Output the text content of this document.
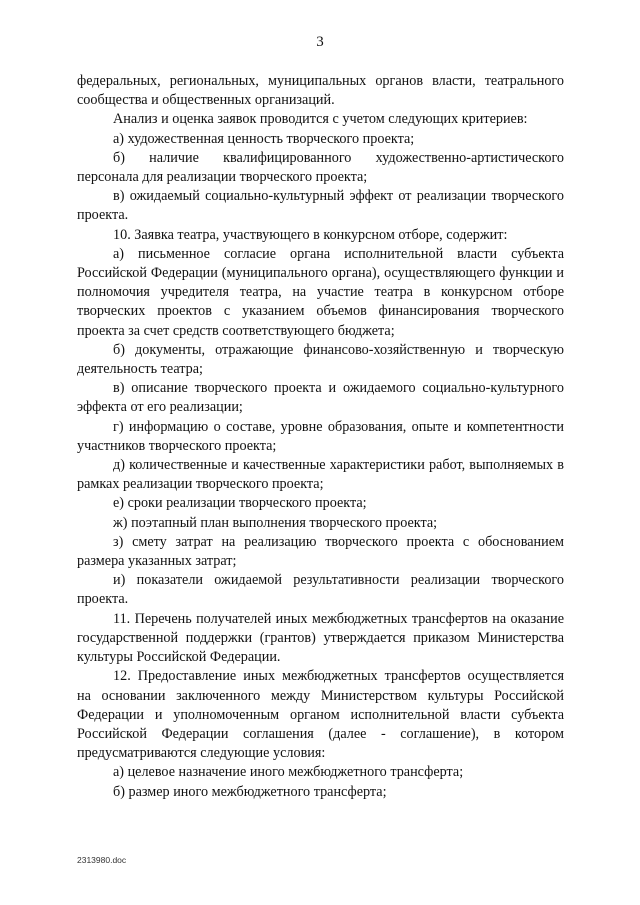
3

федеральных, региональных, муниципальных органов власти, театрального сообщества и общественных организаций.

Анализ и оценка заявок проводится с учетом следующих критериев:

а) художественная ценность творческого проекта;

б) наличие квалифицированного художественно-артистического персонала для реализации творческого проекта;

в) ожидаемый социально-культурный эффект от реализации творческого проекта.

10. Заявка театра, участвующего в конкурсном отборе, содержит:

а) письменное согласие органа исполнительной власти субъекта Российской Федерации (муниципального органа), осуществляющего функции и полномочия учредителя театра, на участие театра в конкурсном отборе творческих проектов с указанием объемов финансирования творческого проекта за счет средств соответствующего бюджета;

б) документы, отражающие финансово-хозяйственную и творческую деятельность театра;

в) описание творческого проекта и ожидаемого социально-культурного эффекта от его реализации;

г) информацию о составе, уровне образования, опыте и компетентности участников творческого проекта;

д) количественные и качественные характеристики работ, выполняемых в рамках реализации творческого проекта;

е) сроки реализации творческого проекта;

ж) поэтапный план выполнения творческого проекта;

з) смету затрат на реализацию творческого проекта с обоснованием размера указанных затрат;

и) показатели ожидаемой результативности реализации творческого проекта.

11. Перечень получателей иных межбюджетных трансфертов на оказание государственной поддержки (грантов) утверждается приказом Министерства культуры Российской Федерации.

12. Предоставление иных межбюджетных трансфертов осуществляется на основании заключенного между Министерством культуры Российской Федерации и уполномоченным органом исполнительной власти субъекта Российской Федерации соглашения (далее - соглашение), в котором предусматриваются следующие условия:

а) целевое назначение иного межбюджетного трансферта;

б) размер иного межбюджетного трансферта;

2313980.doc
